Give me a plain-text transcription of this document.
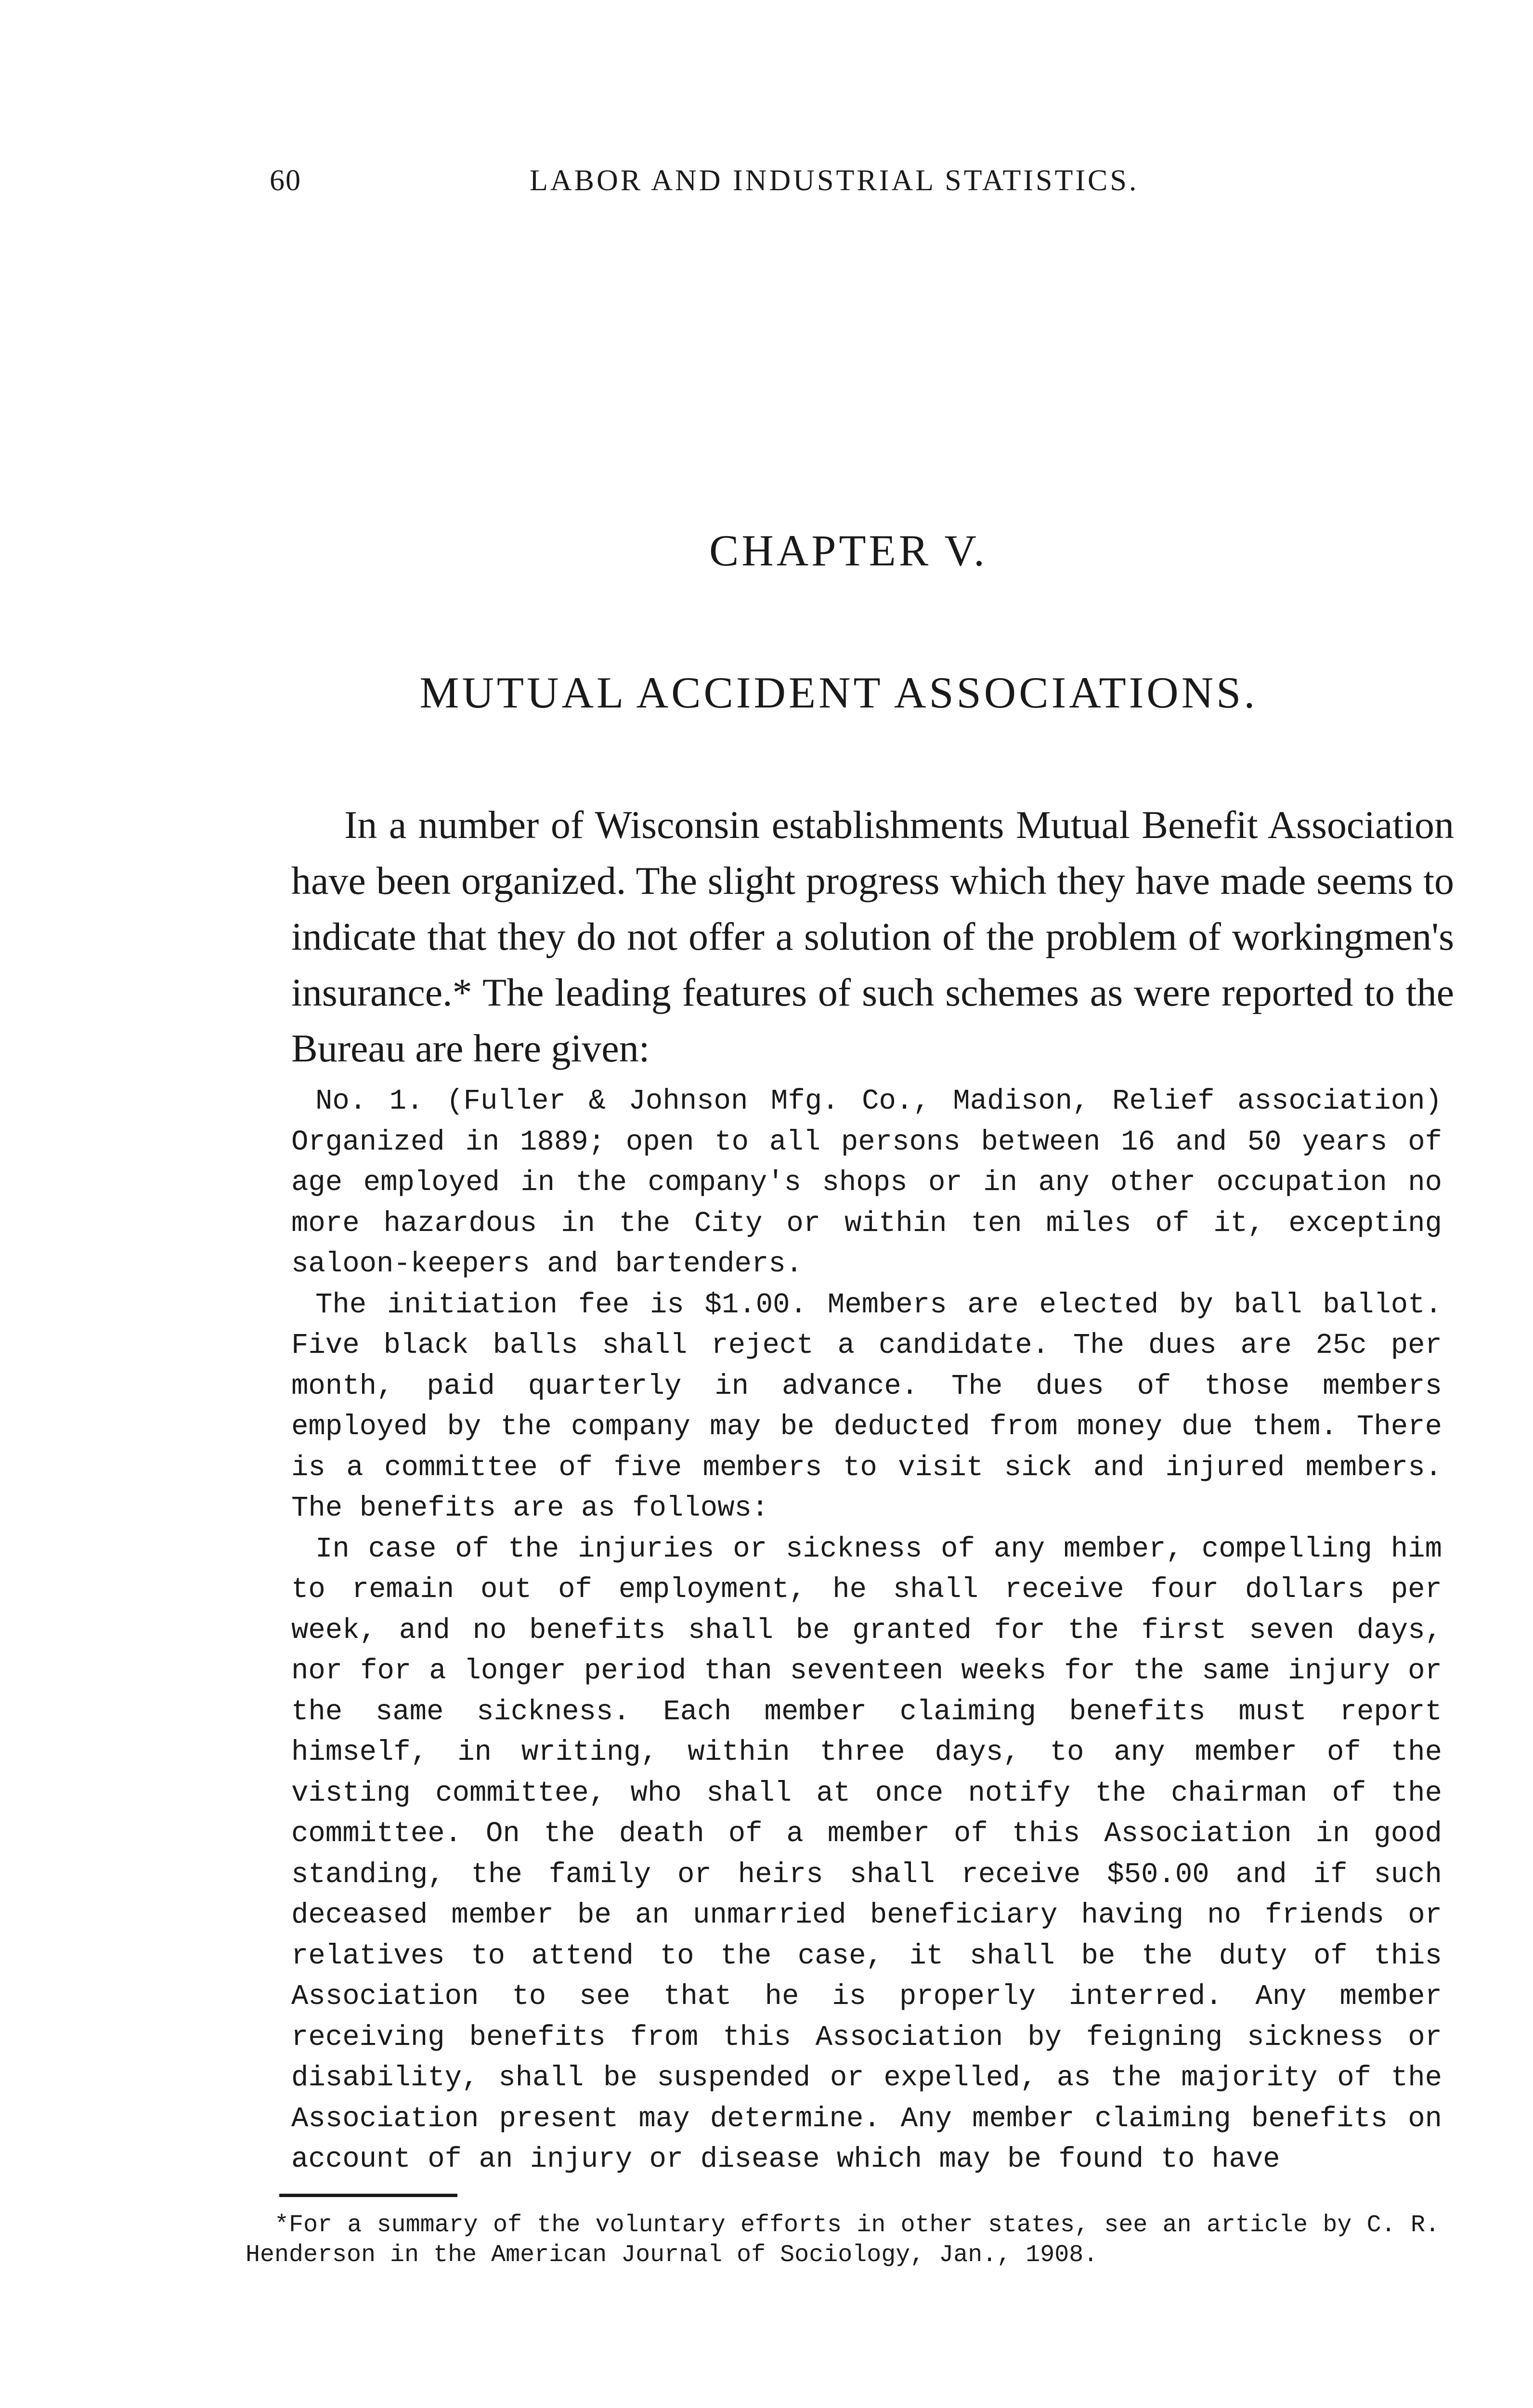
60	LABOR AND INDUSTRIAL STATISTICS.
CHAPTER V.
MUTUAL ACCIDENT ASSOCIATIONS.

In a number of Wisconsin establishments Mutual Benefit Association have been organized. The slight progress which they have made seems to indicate that they do not offer a solution of the problem of workingmen's insurance.* The leading features of such schemes as were reported to the Bureau are here given:

No. 1. (Fuller & Johnson Mfg. Co., Madison, Relief association) Organized in 1889; open to all persons between 16 and 50 years of age employed in the company's shops or in any other occupation no more hazardous in the City or within ten miles of it, excepting saloon-keepers and bartenders.

The initiation fee is $1.00. Members are elected by ball ballot. Five black balls shall reject a candidate. The dues are 25c per month, paid quarterly in advance. The dues of those members employed by the company may be deducted from money due them. There is a committee of five members to visit sick and injured members. The benefits are as follows:

In case of the injuries or sickness of any member, compelling him to remain out of employment, he shall receive four dollars per week, and no benefits shall be granted for the first seven days, nor for a longer period than seventeen weeks for the same injury or the same sickness. Each member claiming benefits must report himself, in writing, within three days, to any member of the visting committee, who shall at once notify the chairman of the committee. On the death of a member of this Association in good standing, the family or heirs shall receive $50.00 and if such deceased member be an unmarried beneficiary having no friends or relatives to attend to the case, it shall be the duty of this Association to see that he is properly interred. Any member receiving benefits from this Association by feigning sickness or disability, shall be suspended or expelled, as the majority of the Association present may determine. Any member claiming benefits on account of an injury or disease which may be found to have

*For a summary of the voluntary efforts in other states, see an article by C. R. Henderson in the American Journal of Sociology, Jan., 1908.
